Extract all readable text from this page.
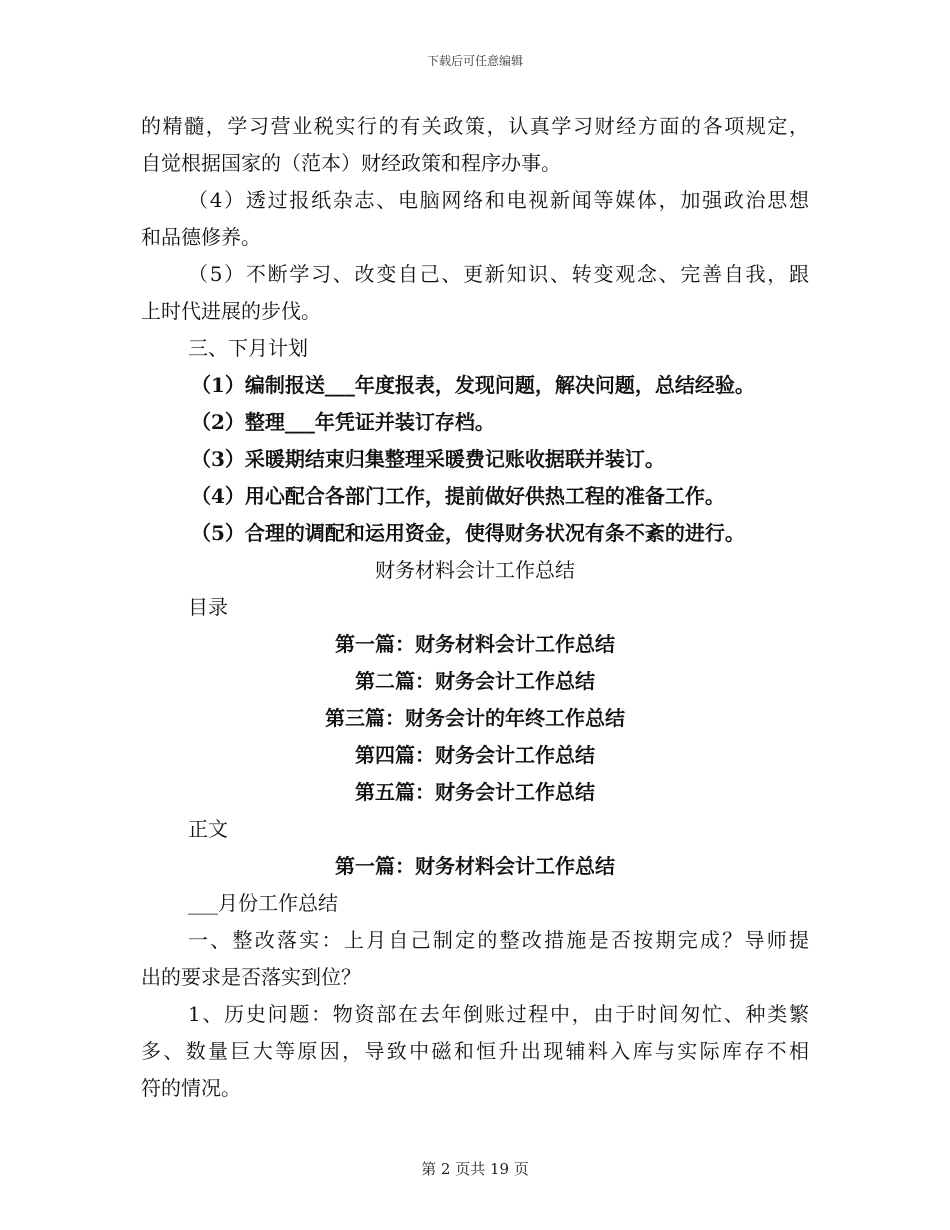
下载后可任意编辑
的精髓，学习营业税实行的有关政策，认真学习财经方面的各项规定，
自觉根据国家的（范本）财经政策和程序办事。
（4）透过报纸杂志、电脑网络和电视新闻等媒体，加强政治思想
和品德修养。
（5）不断学习、改变自己、更新知识、转变观念、完善自我，跟
上时代进展的步伐。
三、下月计划
（1）编制报送___年度报表，发现问题，解决问题，总结经验。
（2）整理___年凭证并装订存档。
（3）采暖期结束归集整理采暖费记账收据联并装订。
（4）用心配合各部门工作，提前做好供热工程的准备工作。
（5）合理的调配和运用资金，使得财务状况有条不紊的进行。
财务材料会计工作总结
目录
第一篇：财务材料会计工作总结
第二篇：财务会计工作总结
第三篇：财务会计的年终工作总结
第四篇：财务会计工作总结
第五篇：财务会计工作总结
正文
第一篇：财务材料会计工作总结
___月份工作总结
一、整改落实：上月自己制定的整改措施是否按期完成？导师提
出的要求是否落实到位？
1、历史问题：物资部在去年倒账过程中，由于时间匆忙、种类繁
多、数量巨大等原因，导致中磁和恒升出现辅料入库与实际库存不相
符的情况。
第 2 页共 19 页
